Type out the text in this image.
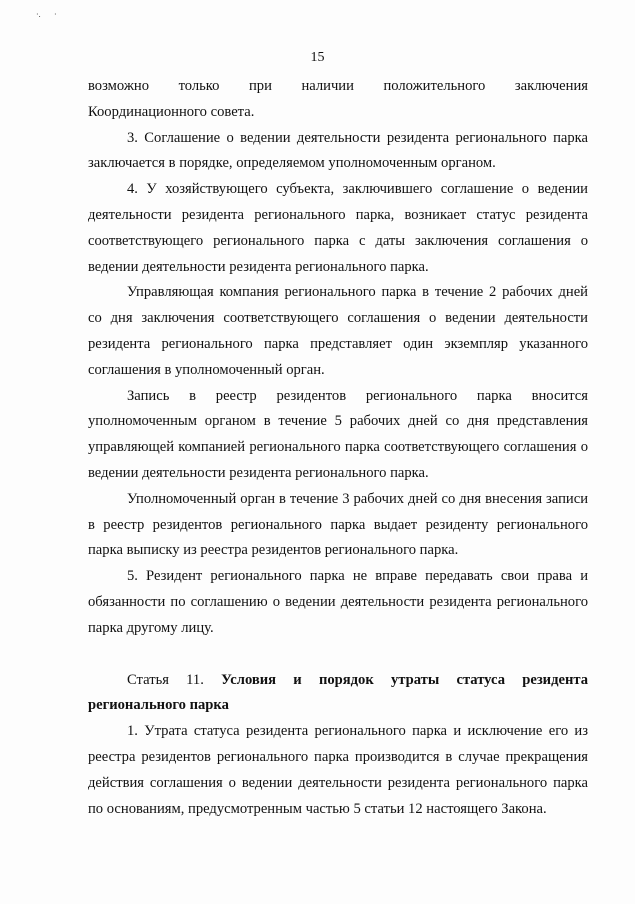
·. ·
15
возможно только при наличии положительного заключения

Координационного совета.

3. Соглашение о ведении деятельности резидента регионального парка заключается в порядке, определяемом уполномоченным органом.

4. У хозяйствующего субъекта, заключившего соглашение о ведении деятельности резидента регионального парка, возникает статус резидента соответствующего регионального парка с даты заключения соглашения о ведении деятельности резидента регионального парка.

Управляющая компания регионального парка в течение 2 рабочих дней со дня заключения соответствующего соглашения о ведении деятельности резидента регионального парка представляет один экземпляр указанного соглашения в уполномоченный орган.

Запись в реестр резидентов регионального парка вносится уполномоченным органом в течение 5 рабочих дней со дня представления управляющей компанией регионального парка соответствующего соглашения о ведении деятельности резидента регионального парка.

Уполномоченный орган в течение 3 рабочих дней со дня внесения записи в реестр резидентов регионального парка выдает резиденту регионального парка выписку из реестра резидентов регионального парка.

5. Резидент регионального парка не вправе передавать свои права и обязанности по соглашению о ведении деятельности резидента регионального парка другому лицу.

Статья 11. Условия и порядок утраты статуса резидента регионального парка

1. Утрата статуса резидента регионального парка и исключение его из реестра резидентов регионального парка производится в случае прекращения действия соглашения о ведении деятельности резидента регионального парка по основаниям, предусмотренным частью 5 статьи 12 настоящего Закона.
